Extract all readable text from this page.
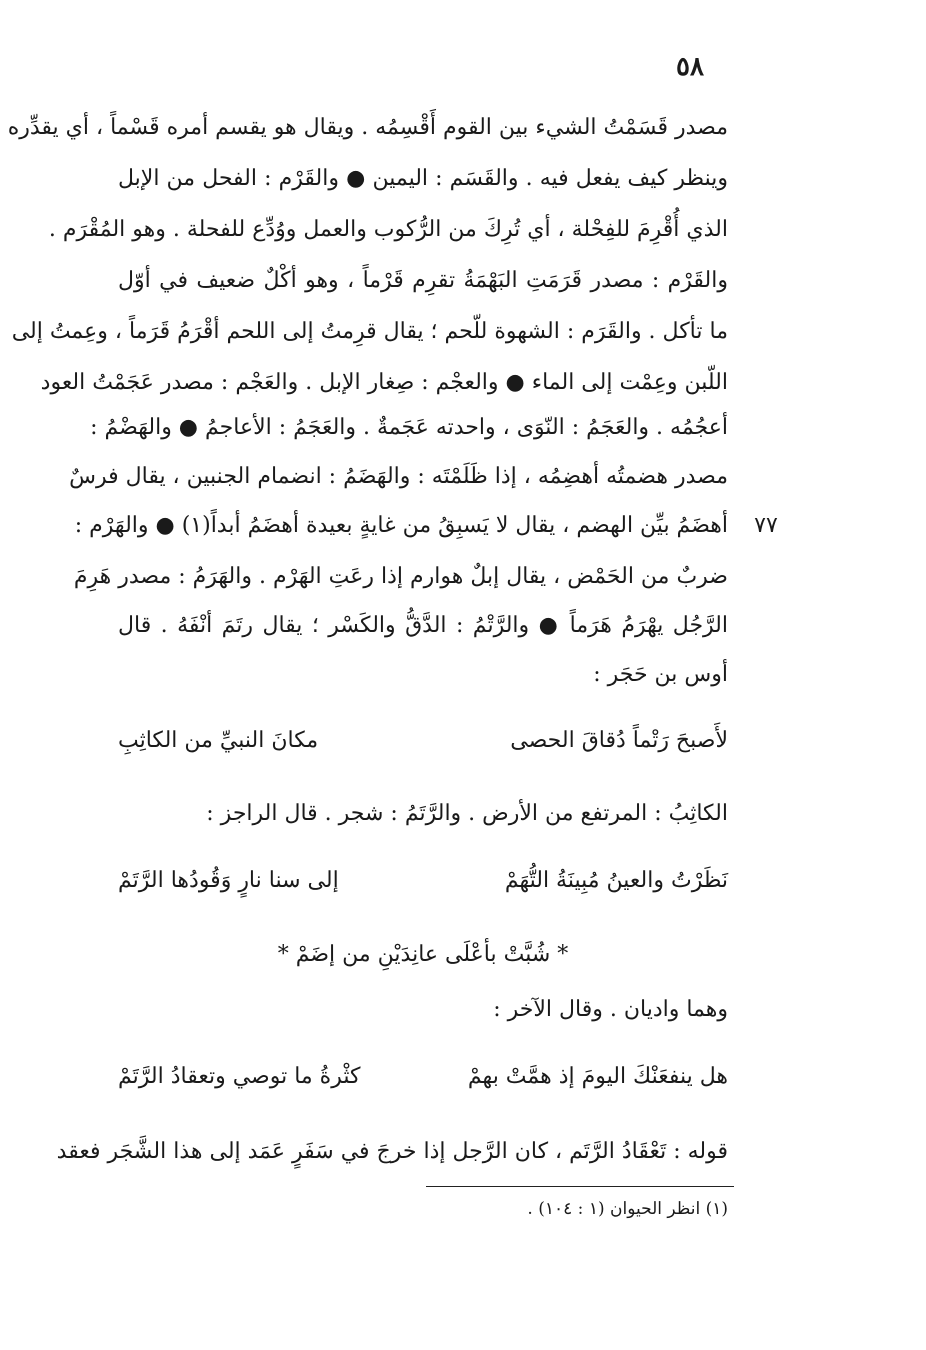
٥٨
مصدر قَسَمْتُ الشيء بين القوم أَقْسِمُه . ويقال هو يقسم أمره قَسْماً ، أي يقدِّره
وينظر كيف يفعل فيه . والقَسَم : اليمين ● والقَرْم : الفحل من الإبل
الذي أُقْرِمَ للفِحْلة ، أي تُرِكَ من الرُّكوب والعمل ووُدِّع للفحلة . وهو المُقْرَم .
والقَرْم : مصدر قَرَمَتِ البَهْمَةُ تقرِم قَرْماً ، وهو أكْلٌ ضعيف في أوّل
ما تأكل . والقَرَم : الشهوة للّحم ؛ يقال قرِمتُ إلى اللحم أقْرَمُ قَرَماً ، وعِمتُ إلى
اللّبن وعِمْت إلى الماء ● والعجْم : صِغار الإبل . والعَجْم : مصدر عَجَمْتُ العود
أعجُمُه . والعَجَمُ : النّوَى ، واحدته عَجَمةٌ . والعَجَمُ : الأعاجمُ ● والهَضْمُ :
مصدر هضمتُه أهضِمُه ، إذا ظَلَمْتَه : والهَضَمُ : انضمام الجنبين ، يقال فرسٌ
أهضَمُ بيِّن الهضم ، يقال لا يَسبِقُ من غايةٍ بعيدة أهضَمُ أبداً(١) ● والهَرْم :	٧٧
ضربٌ من الحَمْض ، يقال إبلٌ هوارم إذا رعَتِ الهَرْم . والهَرَمُ : مصدر هَرِمَ
الرَّجُل يهْرَمُ هَرَماً ● والرَّتْمُ : الدَّقُّ والكَسْر ؛ يقال رتَمَ أنْفَهُ . قال
أوس بن حَجَر :
لأَصبحَ رَتْماً دُقاقَ الحصى
مكانَ النبيِّ من الكاثِبِ
الكاثِبُ : المرتفع من الأرض . والرَّتَمُ : شجر . قال الراجز :
نَظَرْتُ والعينُ مُبِينَةُ التُّهَمْ
إلى سنا نارٍ وَقُودُها الرَّتَمْ
* شُبَّتْ بأعْلَى عانِدَيْنِ من إضَمْ *
وهما واديان . وقال الآخر :
هل ينفعَنْكَ اليومَ إذ همَّتْ بهمْ
كثْرةُ ما توصي وتعقادُ الرَّتَمْ
قوله : تَعْقَادُ الرَّتَم ، كان الرَّجل إذا خرجَ في سَفَرٍ عَمَد إلى هذا الشَّجَر فعقد
(١) انظر الحيوان (١ : ١٠٤) .
